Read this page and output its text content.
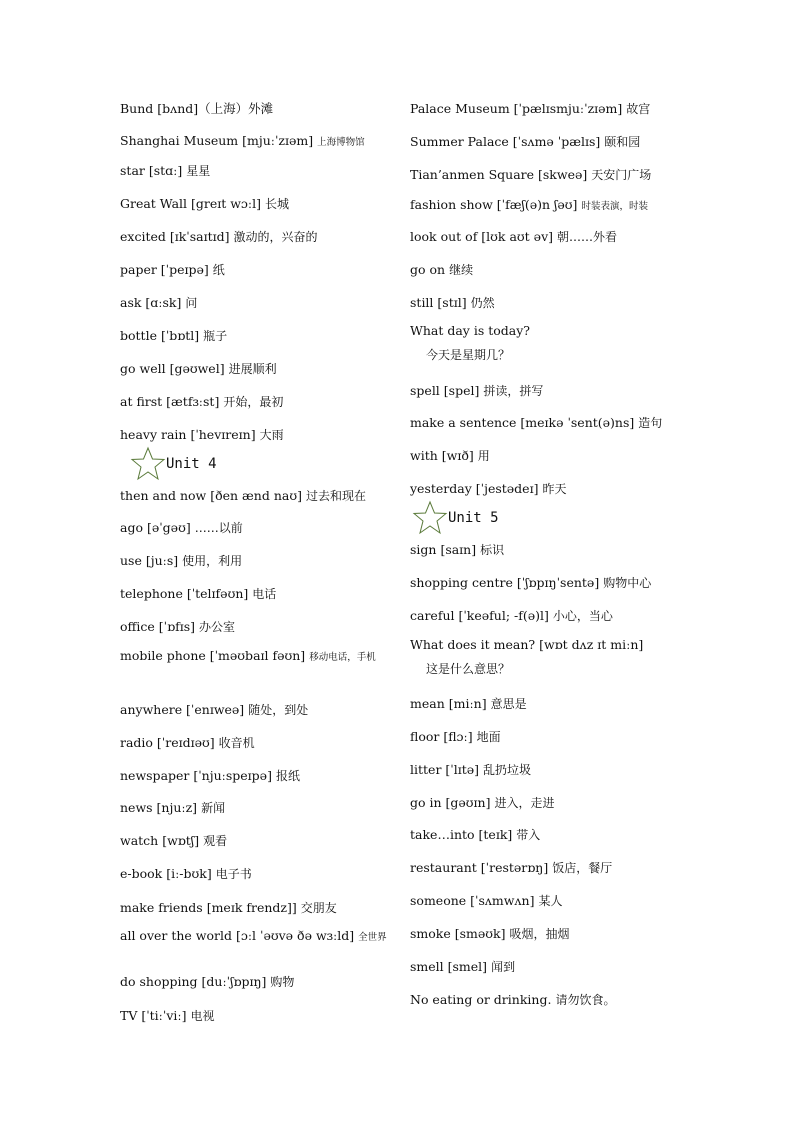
Bund [bʌnd]（上海）外滩
Shanghai Museum [mjuːˈzɪəm] 上海博物馆
star [stɑː] 星星
Great Wall [greɪt wɔːl] 长城
excited [ɪkˈsaɪtɪd] 激动的，兴奋的
paper [ˈpeɪpə] 纸
ask [ɑːsk] 问
bottle [ˈbɒtl] 瓶子
go well [gəʊwel] 进展顺利
at first [ætfɜːst] 开始，最初
heavy rain [ˈhevɪreɪn] 大雨
Unit 4
then and now [ðen ænd naʊ] 过去和现在
ago [əˈgəʊ] ……以前
use [juːs] 使用，利用
telephone [ˈtelɪfəʊn] 电话
office [ˈɒfɪs] 办公室
mobile phone [ˈməʊbaɪl fəʊn] 移动电话，手机
anywhere [ˈenɪweə] 随处，到处
radio [ˈreɪdɪəʊ] 收音机
newspaper [ˈnjuːspeɪpə] 报纸
news [njuːz] 新闻
watch [wɒtʃ] 观看
e-book [iː-bʊk] 电子书
make friends [meɪk frendz]] 交朋友
all over the world [ɔːl ˈəʊvə ðə wɜːld] 全世界
do shopping [duːˈʃɒpɪŋ] 购物
TV [ˈtiːˈviː] 电视
Palace Museum [ˈpælɪsmjuːˈzɪəm] 故宫
Summer Palace [ˈsʌmə ˈpælɪs] 颐和园
Tian’anmen Square [skweə] 天安门广场
fashion show [ˈfæʃ(ə)n ʃəʊ] 时装表演，时装
look out of [lʊk aʊt əv] 朝……外看
go on 继续
still [stɪl] 仍然
What day is today?
今天是星期几？
spell [spel] 拼读，拼写
make a sentence [meɪkə ˈsent(ə)ns] 造句
with [wɪð] 用
yesterday [ˈjestədeɪ] 昨天
Unit 5
sign [saɪn] 标识
shopping centre [ˈʃɒpɪŋˈsentə] 购物中心
careful [ˈkeəful; -f(ə)l] 小心，当心
What does it mean? [wɒt dʌz ɪt miːn]
这是什么意思？
mean [miːn] 意思是
floor [flɔː] 地面
litter [ˈlɪtə] 乱扔垃圾
go in [gəʊɪn] 进入，走进
take…into [teɪk] 带入
restaurant [ˈrestərɒŋ] 饭店，餐厅
someone [ˈsʌmwʌn] 某人
smoke [sməʊk] 吸烟，抽烟
smell [smel] 闻到
No eating or drinking. 请勿饮食。
